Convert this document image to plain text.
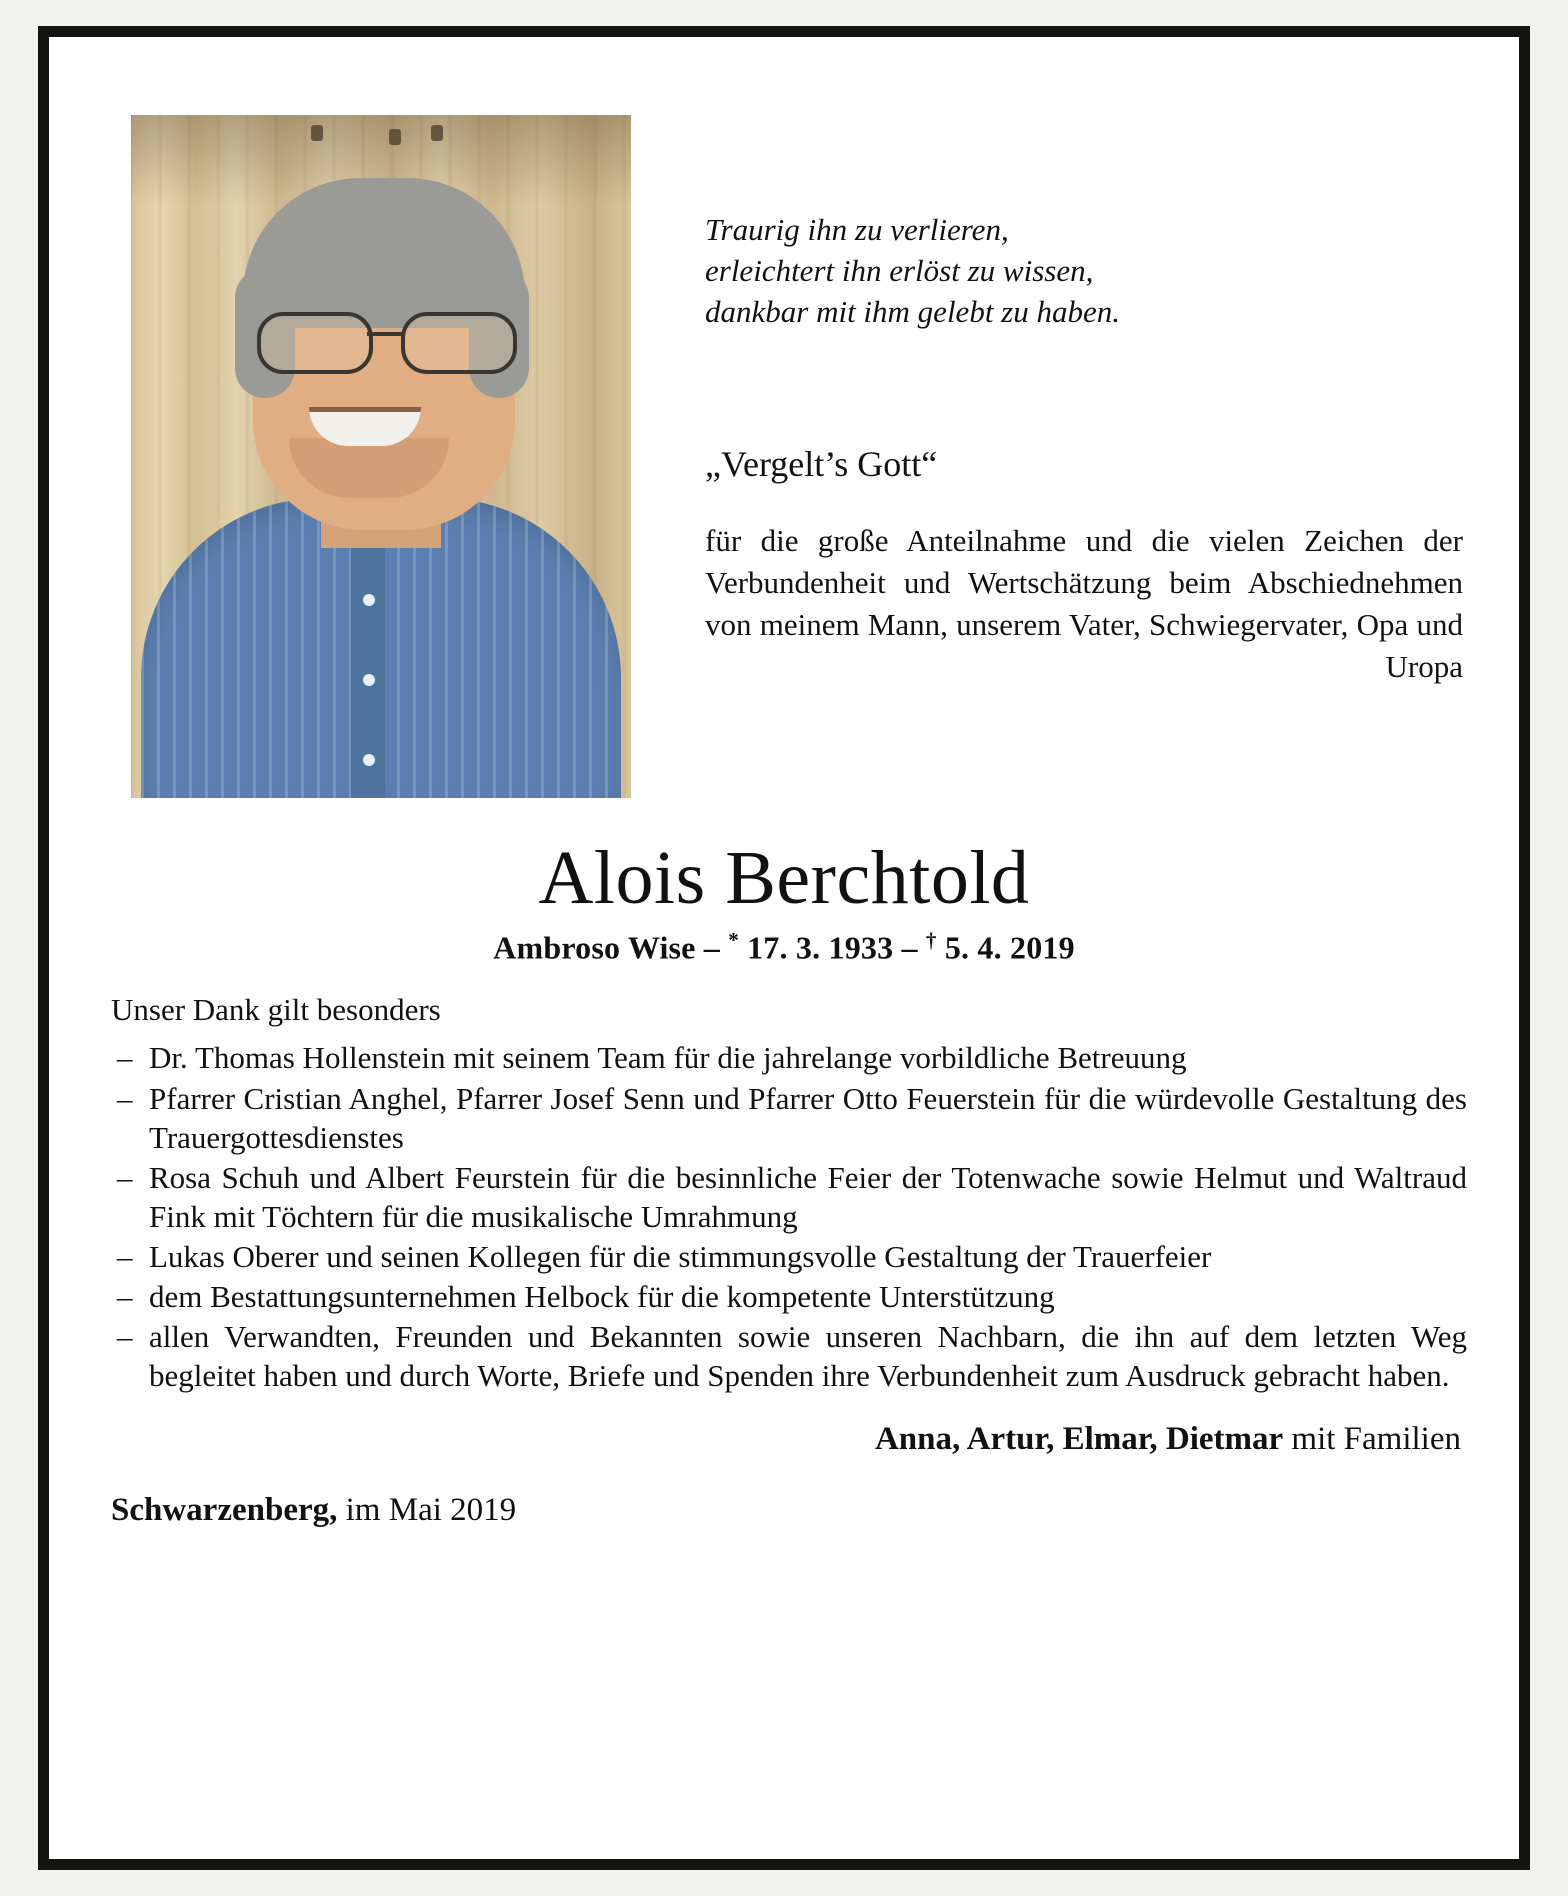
Traurig ihn zu verlieren,
erleichtert ihn erlöst zu wissen,
dankbar mit ihm gelebt zu haben.
„Vergelt’s Gott“
für die große Anteilnahme und die vielen Zeichen der Verbundenheit und Wertschätzung beim Abschiednehmen von meinem Mann, unserem Vater, Schwiegervater, Opa und Uropa
Alois Berchtold
Ambroso Wise – * 17. 3. 1933 – † 5. 4. 2019
Unser Dank gilt besonders
– Dr. Thomas Hollenstein mit seinem Team für die jahrelange vorbildliche Betreuung
– Pfarrer Cristian Anghel, Pfarrer Josef Senn und Pfarrer Otto Feuerstein für die würdevolle Gestaltung des Trauergottesdienstes
– Rosa Schuh und Albert Feurstein für die besinnliche Feier der Totenwache sowie Helmut und Waltraud Fink mit Töchtern für die musikalische Umrahmung
– Lukas Oberer und seinen Kollegen für die stimmungsvolle Gestaltung der Trauerfeier
– dem Bestattungsunternehmen Helbock für die kompetente Unterstützung
– allen Verwandten, Freunden und Bekannten sowie unseren Nachbarn, die ihn auf dem letzten Weg begleitet haben und durch Worte, Briefe und Spenden ihre Verbundenheit zum Ausdruck gebracht haben.
Anna, Artur, Elmar, Dietmar mit Familien
Schwarzenberg, im Mai 2019
